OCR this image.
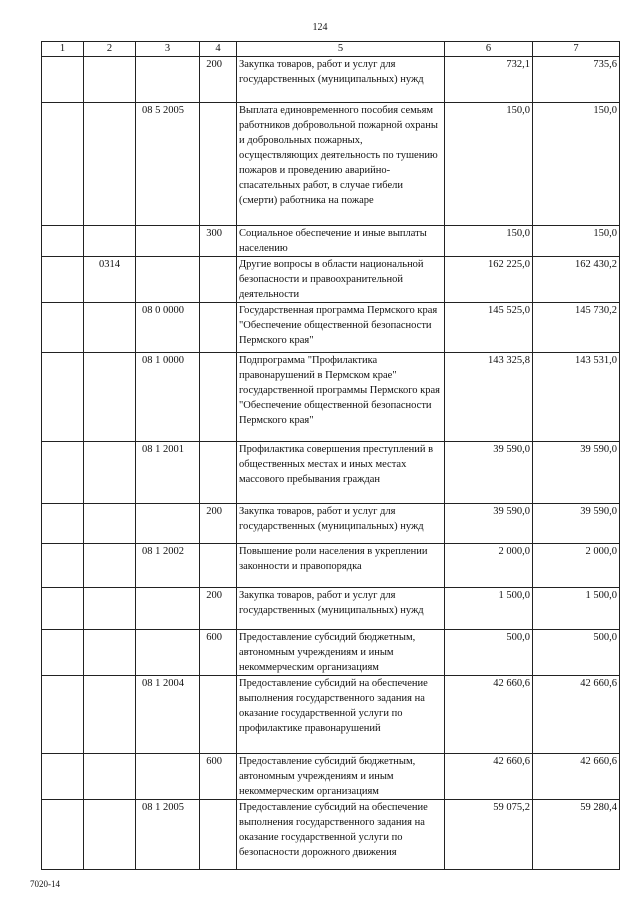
124
1	2	3	4	5	6	7
			200	Закупка товаров, работ и услуг для государственных (муниципальных) нужд	732,1	735,6
		08 5 2005		Выплата единовременного пособия семьям работников добровольной пожарной охраны и добровольных пожарных, осуществляющих деятельность по тушению пожаров и проведению аварийно-спасательных работ, в случае гибели (смерти) работника на пожаре	150,0	150,0
			300	Социальное обеспечение и иные выплаты населению	150,0	150,0
	0314			Другие вопросы в области национальной безопасности и правоохранительной деятельности	162 225,0	162 430,2
		08 0 0000		Государственная программа Пермского края "Обеспечение общественной безопасности Пермского края"	145 525,0	145 730,2
		08 1 0000		Подпрограмма "Профилактика правонарушений в Пермском крае" государственной программы Пермского края "Обеспечение общественной безопасности Пермского края"	143 325,8	143 531,0
		08 1 2001		Профилактика совершения преступлений в общественных местах и иных местах массового пребывания граждан	39 590,0	39 590,0
			200	Закупка товаров, работ и услуг для государственных (муниципальных) нужд	39 590,0	39 590,0
		08 1 2002		Повышение роли населения в укреплении законности и правопорядка	2 000,0	2 000,0
			200	Закупка товаров, работ и услуг для государственных (муниципальных) нужд	1 500,0	1 500,0
			600	Предоставление субсидий бюджетным, автономным учреждениям и иным некоммерческим организациям	500,0	500,0
		08 1 2004		Предоставление субсидий на обеспечение выполнения государственного задания на оказание государственной услуги по профилактике правонарушений	42 660,6	42 660,6
			600	Предоставление субсидий бюджетным, автономным учреждениям и иным некоммерческим организациям	42 660,6	42 660,6
		08 1 2005		Предоставление субсидий на обеспечение выполнения государственного задания на оказание государственной услуги по безопасности дорожного движения	59 075,2	59 280,4
7020-14
